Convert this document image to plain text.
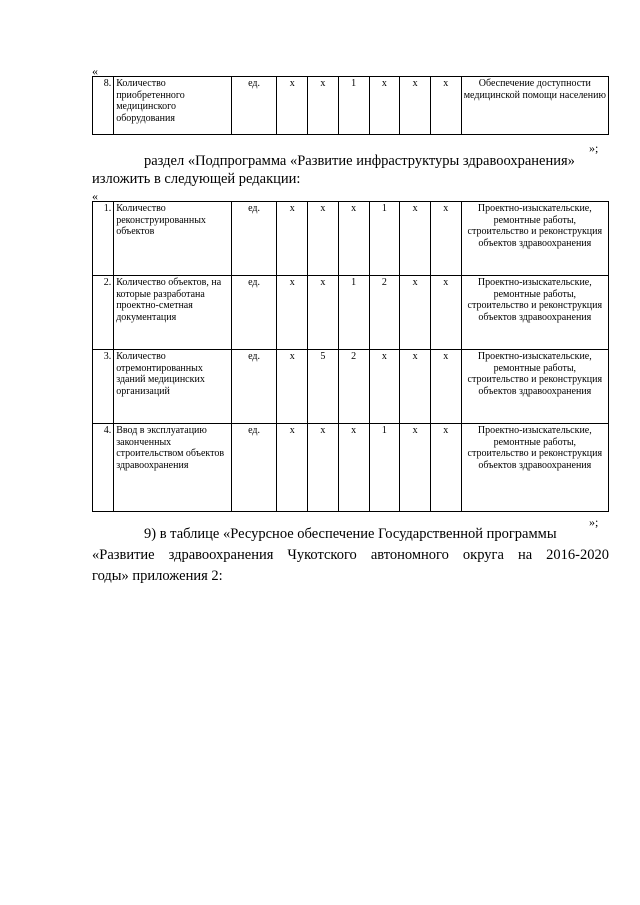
«
8.	Количество приобретенного медицинского оборудования	ед.	х	х	1	х	х	х	Обеспечение доступности медицинской помощи населению
»;
раздел «Подпрограмма «Развитие инфраструктуры здравоохранения»
изложить в следующей редакции:
«
1.	Количество реконструированных объектов	ед.	х	х	х	1	х	х	Проектно-изыскательские, ремонтные работы, строительство и реконструкция объектов здравоохранения
2.	Количество объектов, на которые разработана проектно-сметная документация	ед.	х	х	1	2	х	х	Проектно-изыскательские, ремонтные работы, строительство и реконструкция объектов здравоохранения
3.	Количество отремонтированных зданий медицинских организаций	ед.	х	5	2	х	х	х	Проектно-изыскательские, ремонтные работы, строительство и реконструкция объектов здравоохранения
4.	Ввод в эксплуатацию законченных строительством объектов здравоохранения	ед.	х	х	х	1	х	х	Проектно-изыскательские, ремонтные работы, строительство и реконструкция объектов здравоохранения
»;
9) в таблице «Ресурсное обеспечение Государственной программы
«Развитие здравоохранения Чукотского автономного округа на 2016-2020
годы» приложения 2:
